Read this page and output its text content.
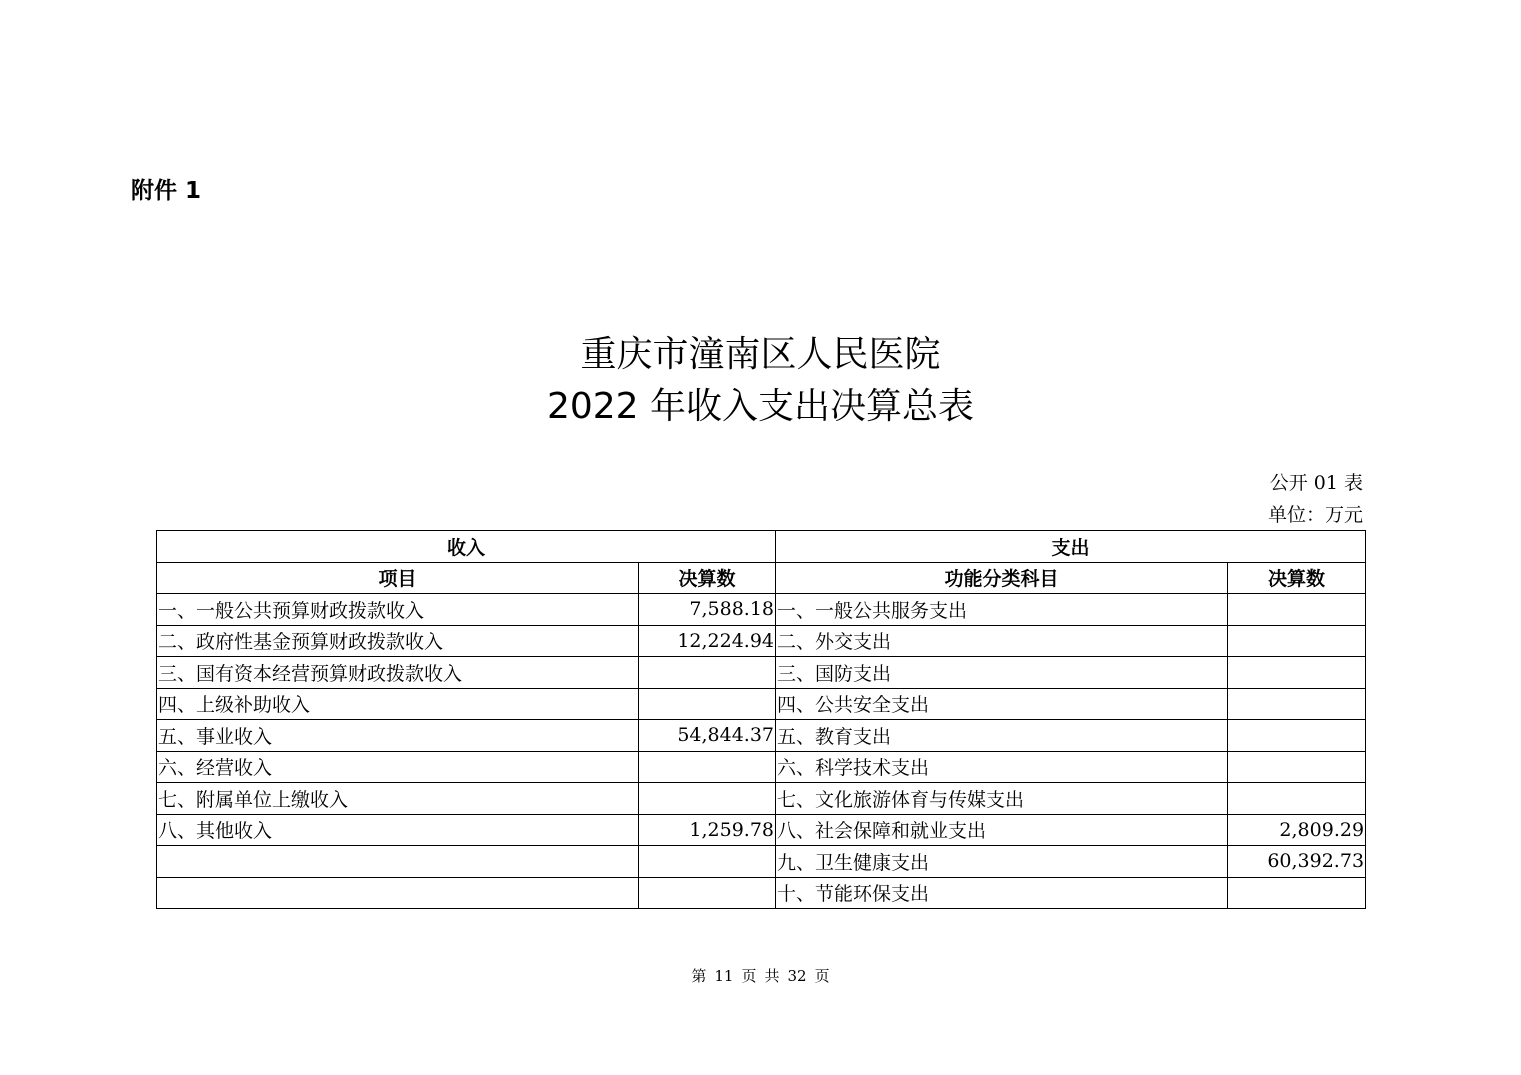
附件 1
重庆市潼南区人民医院
2022 年收入支出决算总表
公开 01 表
单位：万元
收入		支出	
项目	决算数	功能分类科目	决算数
一、一般公共预算财政拨款收入	7,588.18	一、一般公共服务支出	
二、政府性基金预算财政拨款收入	12,224.94	二、外交支出	
三、国有资本经营预算财政拨款收入		三、国防支出	
四、上级补助收入		四、公共安全支出	
五、事业收入	54,844.37	五、教育支出	
六、经营收入		六、科学技术支出	
七、附属单位上缴收入		七、文化旅游体育与传媒支出	
八、其他收入	1,259.78	八、社会保障和就业支出	2,809.29
		九、卫生健康支出	60,392.73
		十、节能环保支出	
第 11 页 共 32 页
